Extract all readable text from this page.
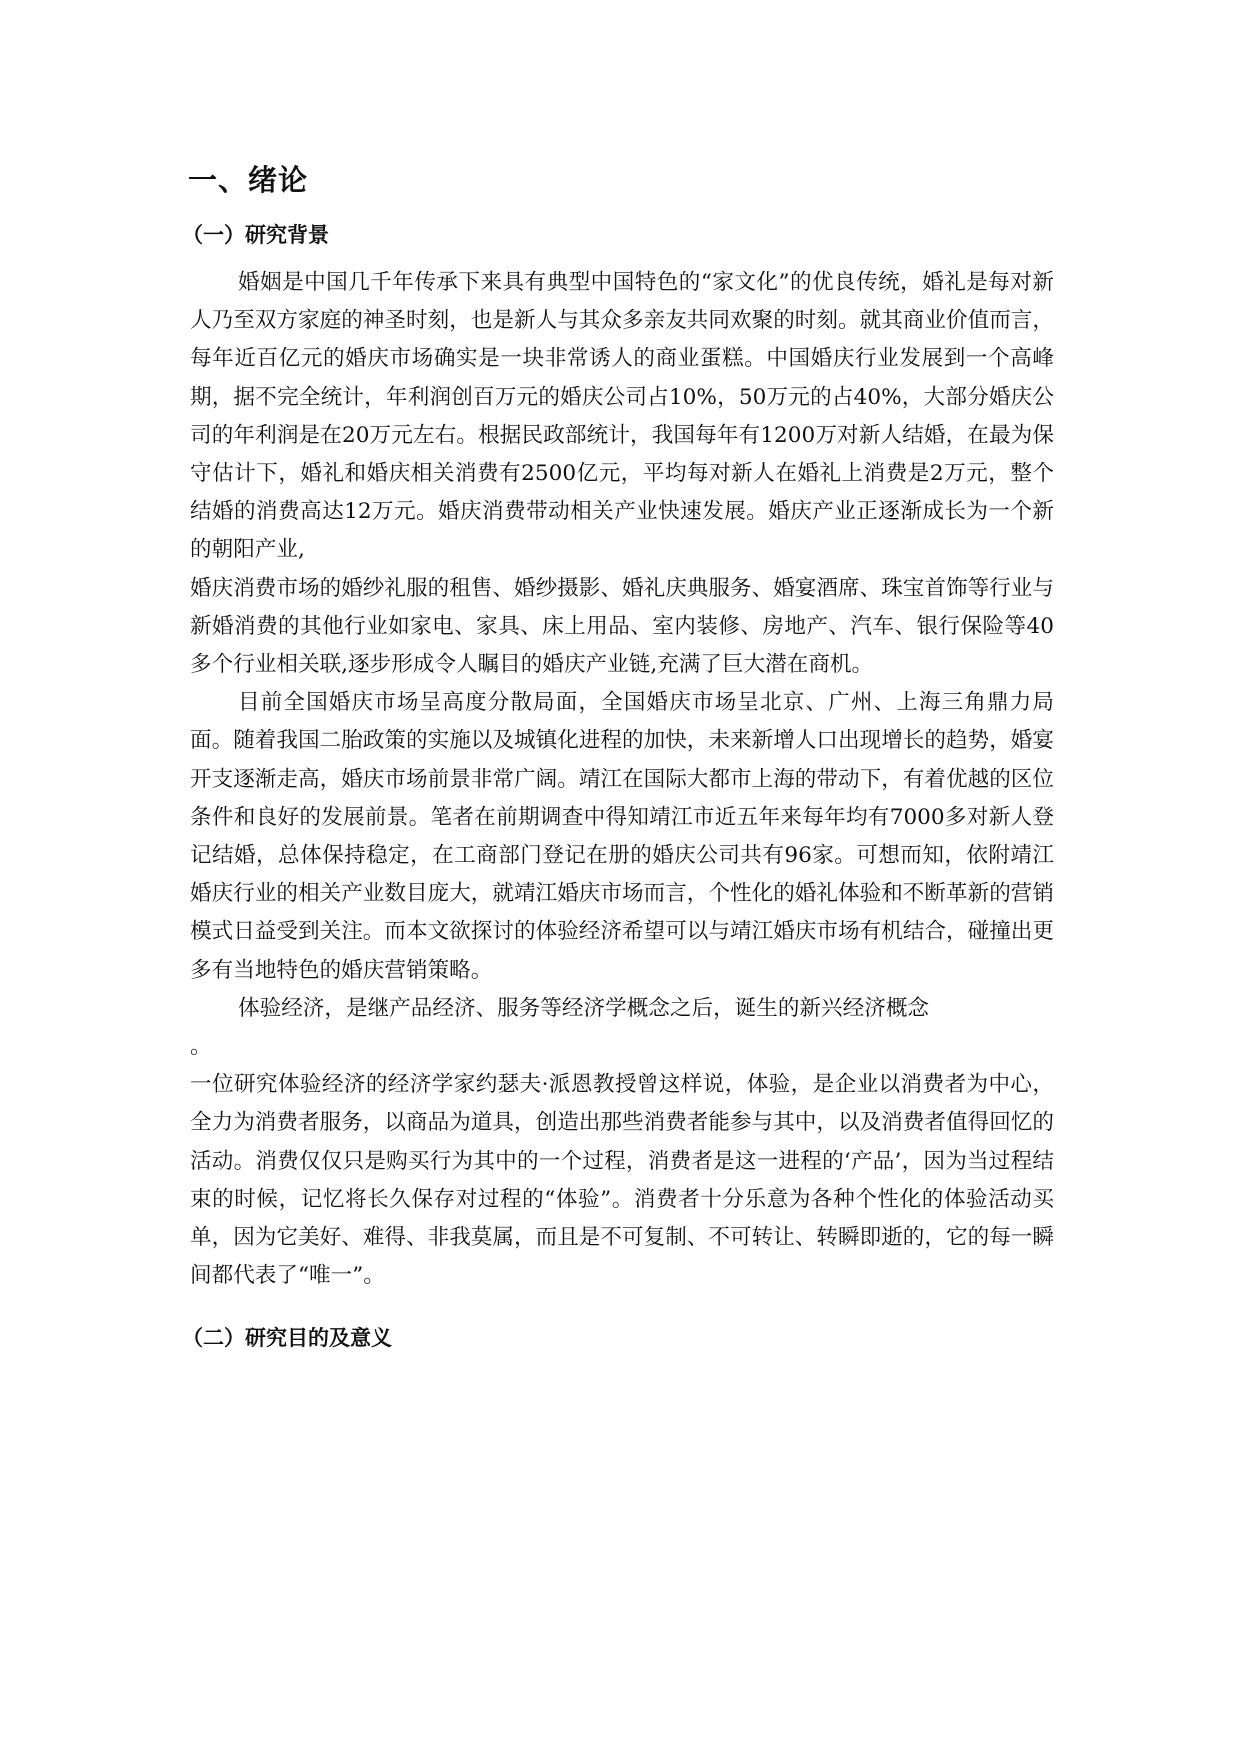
一、绪论
（一）研究背景

婚姻是中国几千年传承下来具有典型中国特色的“家文化”的优良传统，婚礼是每对新人乃至双方家庭的神圣时刻，也是新人与其众多亲友共同欢聚的时刻。就其商业价值而言，每年近百亿元的婚庆市场确实是一块非常诱人的商业蛋糕。中国婚庆行业发展到一个高峰期，据不完全统计，年利润创百万元的婚庆公司占10%，50万元的占40%，大部分婚庆公司的年利润是在20万元左右。根据民政部统计，我国每年有1200万对新人结婚，在最为保守估计下，婚礼和婚庆相关消费有2500亿元，平均每对新人在婚礼上消费是2万元，整个结婚的消费高达12万元。婚庆消费带动相关产业快速发展。婚庆产业正逐渐成长为一个新的朝阳产业,

婚庆消费市场的婚纱礼服的租售、婚纱摄影、婚礼庆典服务、婚宴酒席、珠宝首饰等行业与新婚消费的其他行业如家电、家具、床上用品、室内装修、房地产、汽车、银行保险等40多个行业相关联,逐步形成令人瞩目的婚庆产业链,充满了巨大潜在商机。

目前全国婚庆市场呈高度分散局面，全国婚庆市场呈北京、广州、上海三角鼎力局面。随着我国二胎政策的实施以及城镇化进程的加快，未来新增人口出现增长的趋势，婚宴开支逐渐走高，婚庆市场前景非常广阔。靖江在国际大都市上海的带动下，有着优越的区位条件和良好的发展前景。笔者在前期调查中得知靖江市近五年来每年均有7000多对新人登记结婚，总体保持稳定，在工商部门登记在册的婚庆公司共有96家。可想而知，依附靖江婚庆行业的相关产业数目庞大，就靖江婚庆市场而言，个性化的婚礼体验和不断革新的营销模式日益受到关注。而本文欲探讨的体验经济希望可以与靖江婚庆市场有机结合，碰撞出更多有当地特色的婚庆营销策略。

体验经济，是继产品经济、服务等经济学概念之后，诞生的新兴经济概念

。

一位研究体验经济的经济学家约瑟夫·派恩教授曾这样说，体验，是企业以消费者为中心，全力为消费者服务，以商品为道具，创造出那些消费者能参与其中，以及消费者值得回忆的活动。消费仅仅只是购买行为其中的一个过程，消费者是这一进程的‘产品’，因为当过程结束的时候，记忆将长久保存对过程的“体验”。消费者十分乐意为各种个性化的体验活动买单，因为它美好、难得、非我莫属，而且是不可复制、不可转让、转瞬即逝的，它的每一瞬间都代表了“唯一”。

（二）研究目的及意义
